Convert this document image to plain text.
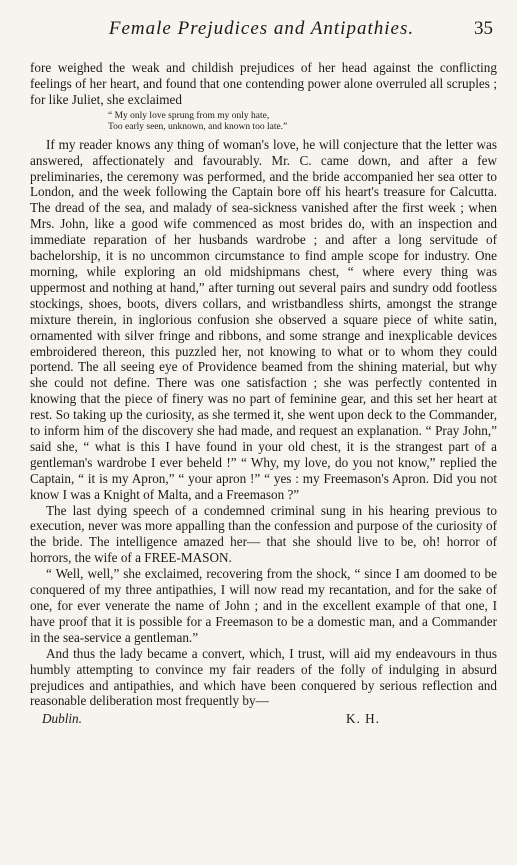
Female Prejudices and Antipathies.	35

fore weighed the weak and childish prejudices of her head against the conflicting feelings of her heart, and found that one contending power alone overruled all scruples ; for like Juliet, she exclaimed

“ My only love sprung from my only hate,
Too early seen, unknown, and known too late.”

If my reader knows any thing of woman's love, he will conjecture that the letter was answered, affectionately and favourably. Mr. C. came down, and after a few preliminaries, the ceremony was performed, and the bride accompanied her sea otter to London, and the week following the Captain bore off his heart's treasure for Calcutta. The dread of the sea, and malady of sea-sickness vanished after the first week ; when Mrs. John, like a good wife commenced as most brides do, with an inspection and immediate reparation of her husbands wardrobe ; and after a long servitude of bachelorship, it is no uncommon circumstance to find ample scope for industry. One morning, while exploring an old midshipmans chest, “ where every thing was uppermost and nothing at hand,” after turning out several pairs and sundry odd footless stockings, shoes, boots, divers collars, and wristbandless shirts, amongst the strange mixture therein, in inglorious confusion she observed a square piece of white satin, ornamented with silver fringe and ribbons, and some strange and inexplicable devices embroidered thereon, this puzzled her, not knowing to what or to whom they could portend. The all seeing eye of Providence beamed from the shining material, but why she could not define. There was one satisfaction ; she was perfectly contented in knowing that the piece of finery was no part of feminine gear, and this set her heart at rest. So taking up the curiosity, as she termed it, she went upon deck to the Commander, to inform him of the discovery she had made, and request an explanation. “ Pray John,” said she, “ what is this I have found in your old chest, it is the strangest part of a gentleman's wardrobe I ever beheld !” “ Why, my love, do you not know,” replied the Captain, “ it is my Apron,” “ your apron !” “ yes : my Freemason's Apron. Did you not know I was a Knight of Malta, and a Freemason ?”

The last dying speech of a condemned criminal sung in his hearing previous to execution, never was more appalling than the confession and purpose of the curiosity of the bride. The intelligence amazed her— that she should live to be, oh! horror of horrors, the wife of a FREE-MASON.

“ Well, well,” she exclaimed, recovering from the shock, “ since I am doomed to be conquered of my three antipathies, I will now read my recantation, and for the sake of one, for ever venerate the name of John ; and in the excellent example of that one, I have proof that it is possible for a Freemason to be a domestic man, and a Commander in the sea-service a gentleman.”

And thus the lady became a convert, which, I trust, will aid my endeavours in thus humbly attempting to convince my fair readers of the folly of indulging in absurd prejudices and antipathies, and which have been conquered by serious reflection and reasonable deliberation most frequently by—

Dublin.	K. H.
